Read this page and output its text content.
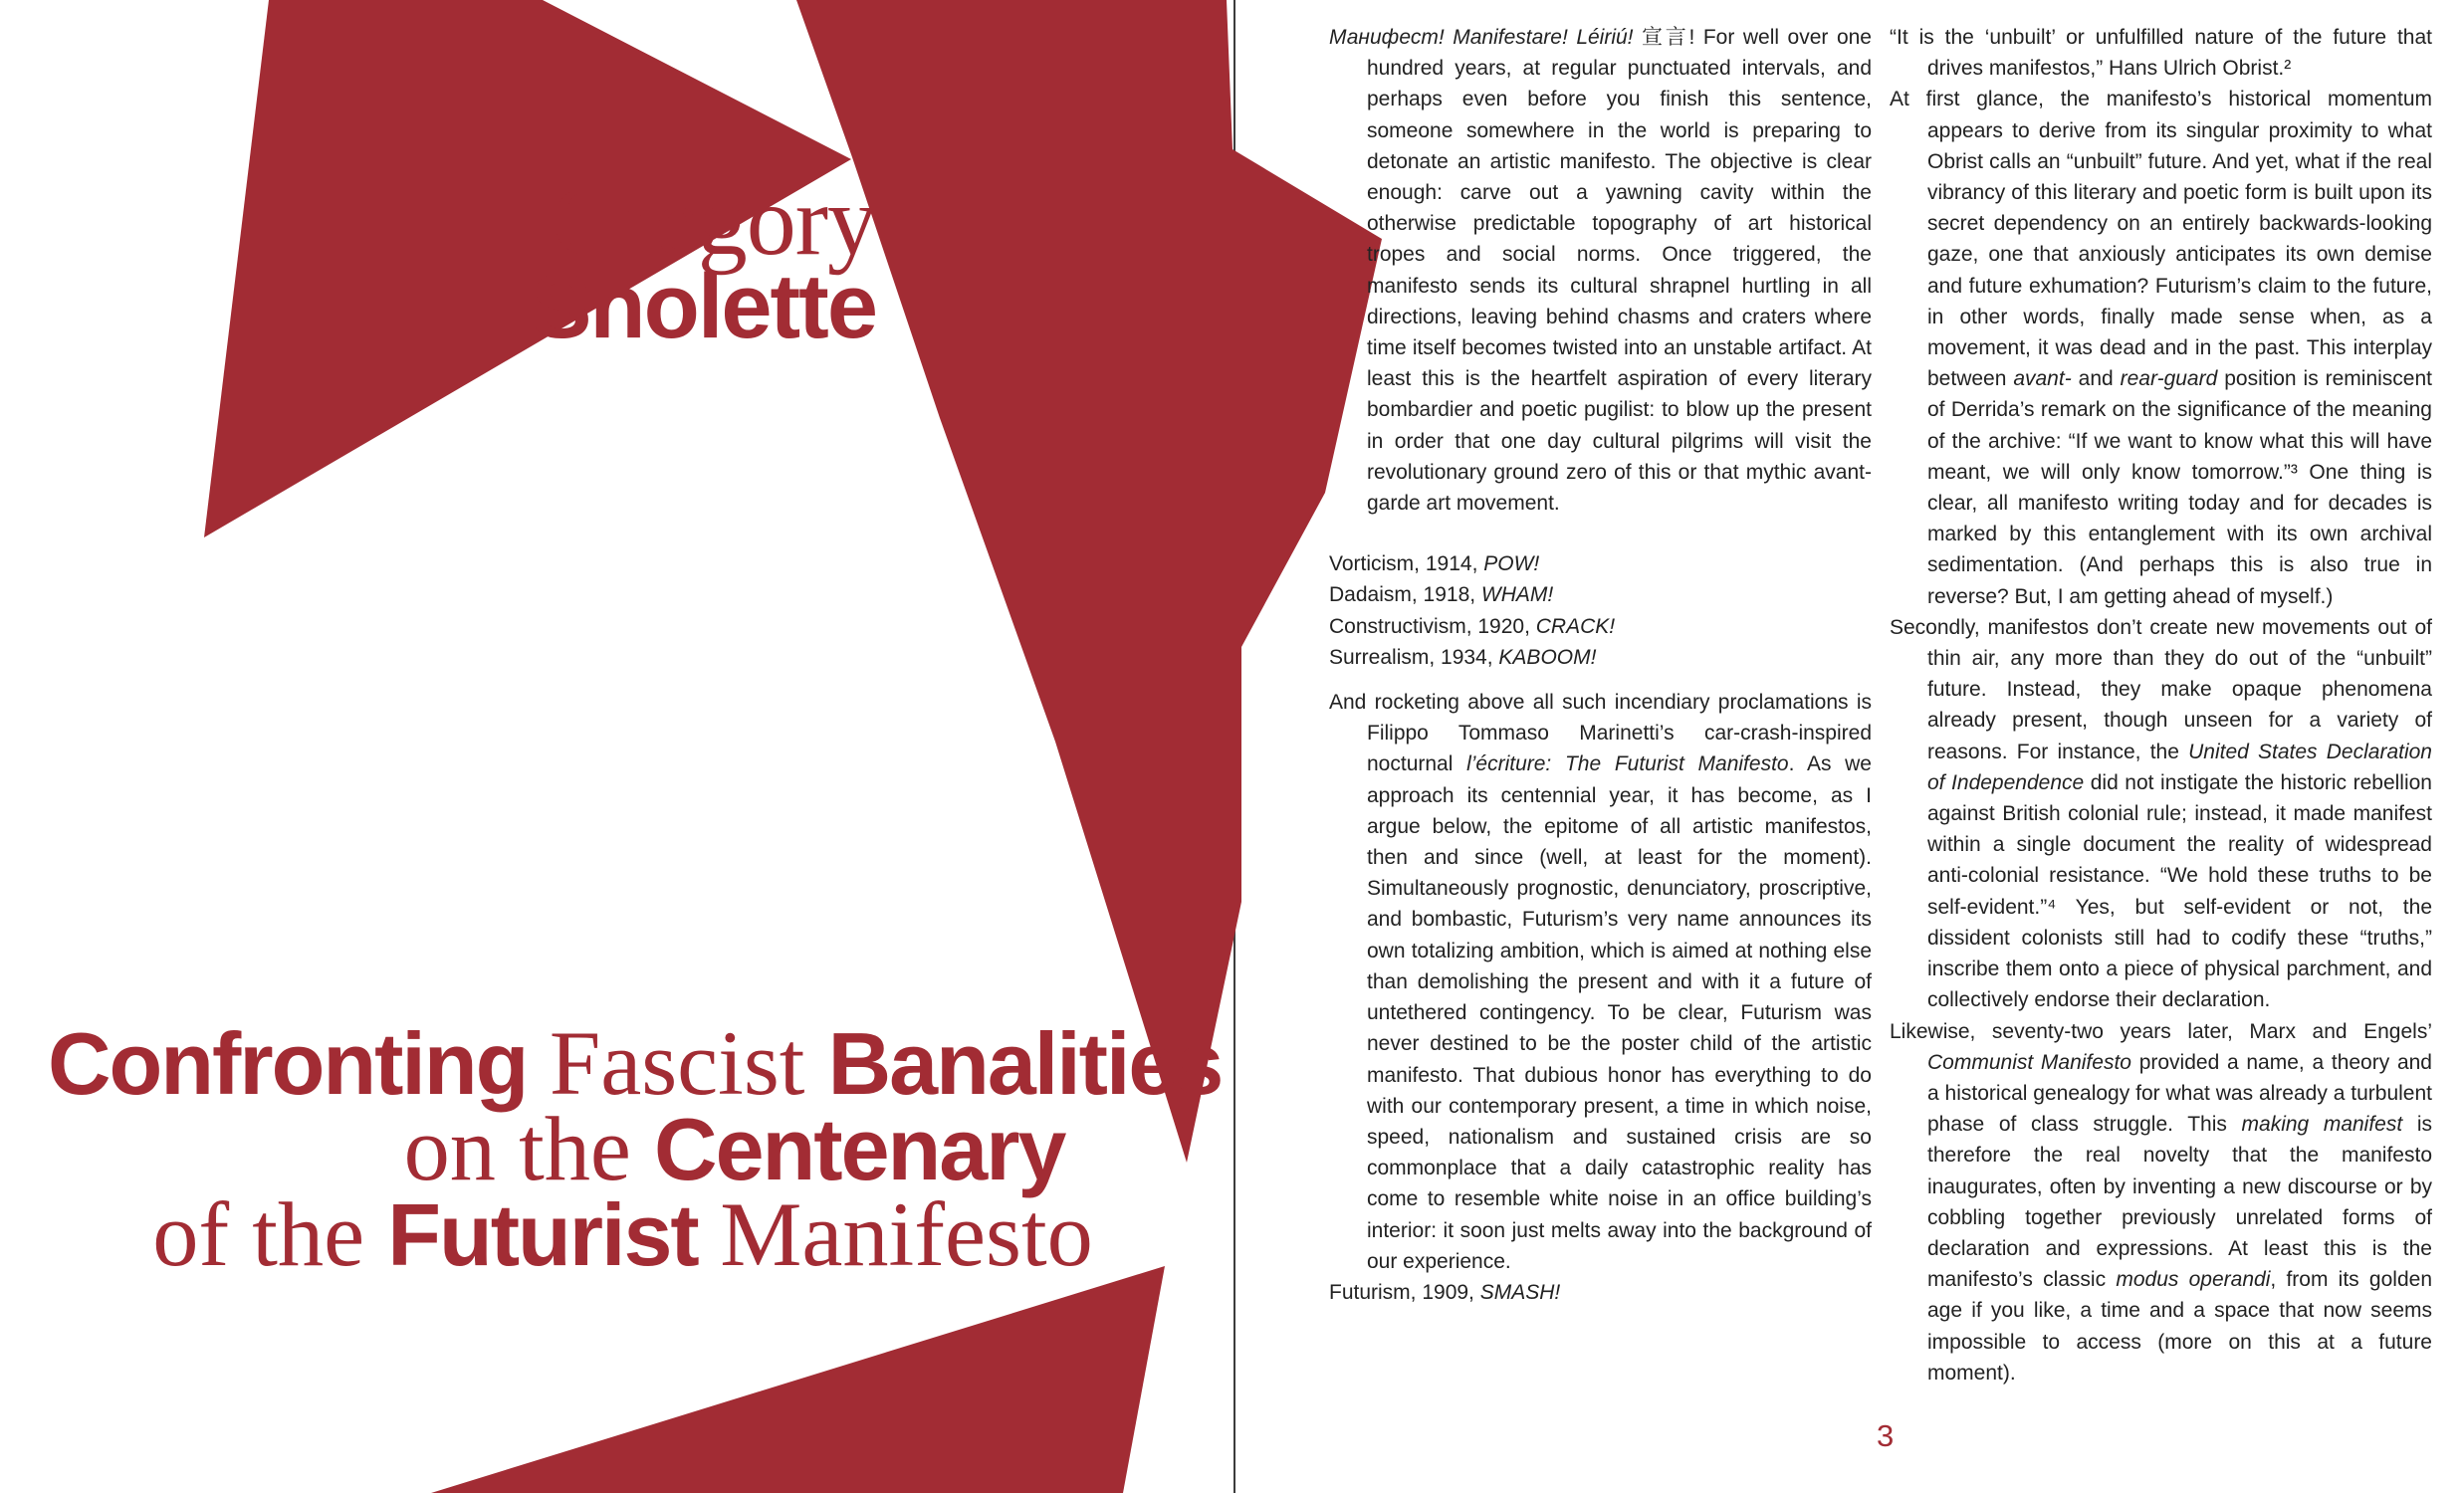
Gregory
Sholette
Confronting Fascist Banalities
on the Centenary
of the Futurist Manifesto

Манифест! Manifestare! Léiriú! 宣言! For well over one hundred years, at regular punctuated intervals, and perhaps even before you finish this sentence, someone somewhere in the world is preparing to detonate an artistic manifesto. The objective is clear enough: carve out a yawning cavity within the otherwise predictable topography of art historical tropes and social norms. Once triggered, the manifesto sends its cultural shrapnel hurtling in all directions, leaving behind chasms and craters where time itself becomes twisted into an unstable artifact. At least this is the heartfelt aspiration of every literary bombardier and poetic pugilist: to blow up the present in order that one day cultural pilgrims will visit the revolutionary ground zero of this or that mythic avant-garde art movement.

Vorticism, 1914, POW!
Dadaism, 1918, WHAM!
Constructivism, 1920, CRACK!
Surrealism, 1934, KABOOM!

And rocketing above all such incendiary proclamations is Filippo Tommaso Marinetti’s car-crash-inspired nocturnal l’écriture: The Futurist Manifesto. As we approach its centennial year, it has become, as I argue below, the epitome of all artistic manifestos, then and since (well, at least for the moment). Simultaneously prognostic, denunciatory, proscriptive, and bombastic, Futurism’s very name announces its own totalizing ambition, which is aimed at nothing else than demolishing the present and with it a future of untethered contingency. To be clear, Futurism was never destined to be the poster child of the artistic manifesto. That dubious honor has everything to do with our contemporary present, a time in which noise, speed, nationalism and sustained crisis are so commonplace that a daily catastrophic reality has come to resemble white noise in an office building’s interior: it soon just melts away into the background of our experience.

Futurism, 1909, SMASH!

“It is the ‘unbuilt’ or unfulfilled nature of the future that drives manifestos,” Hans Ulrich Obrist.²

At first glance, the manifesto’s historical momentum appears to derive from its singular proximity to what Obrist calls an “unbuilt” future. And yet, what if the real vibrancy of this literary and poetic form is built upon its secret dependency on an entirely backwards-looking gaze, one that anxiously anticipates its own demise and future exhumation? Futurism’s claim to the future, in other words, finally made sense when, as a movement, it was dead and in the past. This interplay between avant- and rear-guard position is reminiscent of Derrida’s remark on the significance of the meaning of the archive: “If we want to know what this will have meant, we will only know tomorrow.”³ One thing is clear, all manifesto writing today and for decades is marked by this entanglement with its own archival sedimentation. (And perhaps this is also true in reverse? But, I am getting ahead of myself.)

Secondly, manifestos don’t create new movements out of thin air, any more than they do out of the “unbuilt” future. Instead, they make opaque phenomena already present, though unseen for a variety of reasons. For instance, the United States Declaration of Independence did not instigate the historic rebellion against British colonial rule; instead, it made manifest within a single document the reality of widespread anti-colonial resistance. “We hold these truths to be self-evident.”⁴ Yes, but self-evident or not, the dissident colonists still had to codify these “truths,” inscribe them onto a piece of physical parchment, and collectively endorse their declaration.

Likewise, seventy-two years later, Marx and Engels’ Communist Manifesto provided a name, a theory and a historical genealogy for what was already a turbulent phase of class struggle. This making manifest is therefore the real novelty that the manifesto inaugurates, often by inventing a new discourse or by cobbling together previously unrelated forms of declaration and expressions. At least this is the manifesto’s classic modus operandi, from its golden age if you like, a time and a space that now seems impossible to access (more on this at a future moment).

3
